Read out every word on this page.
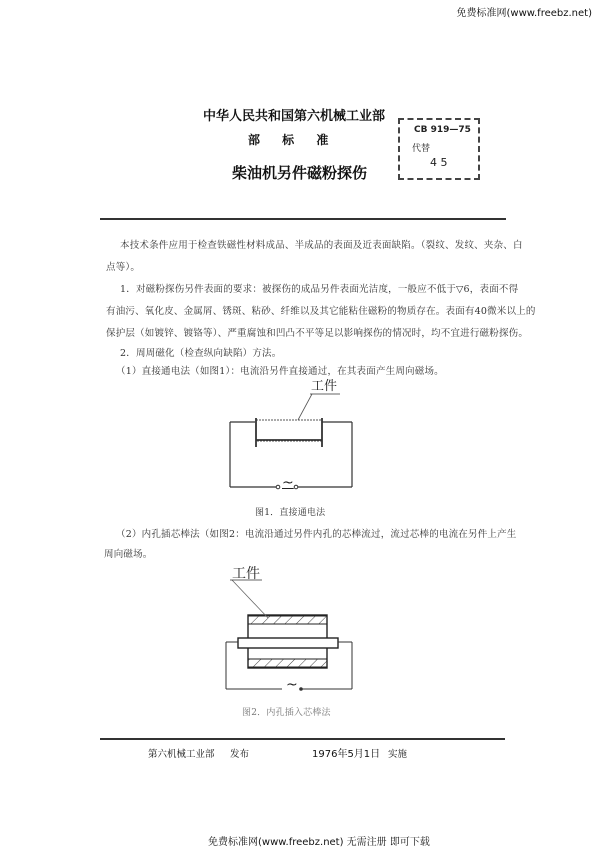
免费标准网(www.freebz.net)
中华人民共和国第六机械工业部
部 标 准
柴油机另件磁粉探伤
CB 919—75
代替
4 5
本技术条件应用于检查铁磁性材料成品、半成品的表面及近表面缺陷。（裂纹、发纹、夹杂、白
点等）。
1．对磁粉探伤另件表面的要求：被探伤的成品另件表面光洁度，一般应不低于▽6，表面不得
有油污、氧化皮、金属屑、锈斑、粘砂、纤维以及其它能粘住磁粉的物质存在。表面有40微米以上的
保护层（如镀锌、镀铬等）、严重腐蚀和凹凸不平等足以影响探伤的情况时，均不宜进行磁粉探伤。
2．周周磁化（检查纵向缺陷）方法。
（1）直接通电法（如图1）：电流沿另件直接通过，在其表面产生周向磁场。
工件
~
图1．直接通电法
（2）内孔插芯棒法（如图2：电流沿通过另件内孔的芯棒流过，流过芯棒的电流在另件上产生
周向磁场。
工件
~
图2．内孔插入芯棒法
第六机械工业部 发布	1976年5月1日 实施
免费标准网(www.freebz.net) 无需注册 即可下载
